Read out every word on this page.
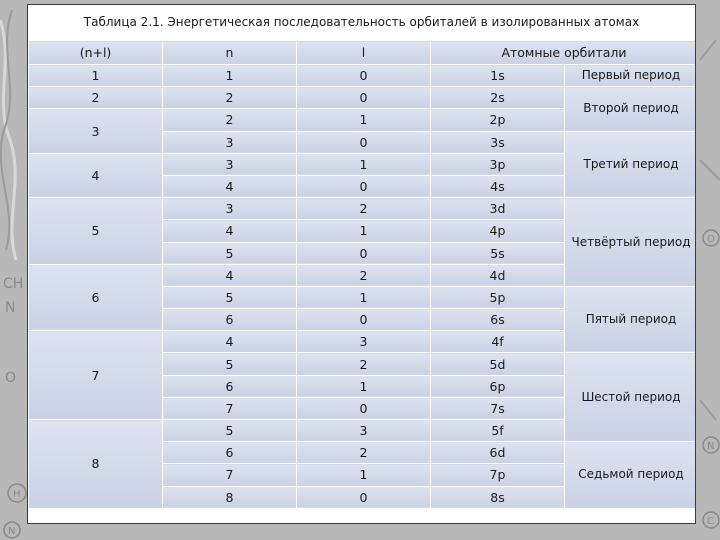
CH
N
O
H
N
O
N
C
Таблица 2.1. Энергетическая последовательность орбиталей в изолированных атомах
(n+l)	n	l	Атомные орбитали	
1	1	0	1s	Первый период
2	2	0	2s	Второй период
3	2	1	2p	
	3	0	3s	Третий период
4	3	1	3p	
	4	0	4s	
5	3	2	3d	Четвёртый период
	4	1	4p	
	5	0	5s	
6	4	2	4d	
	5	1	5p	Пятый период
	6	0	6s	
7	4	3	4f	
	5	2	5d	Шестой период
	6	1	6p	
	7	0	7s	
8	5	3	5f	
	6	2	6d	Седьмой период
	7	1	7p	
	8	0	8s	
